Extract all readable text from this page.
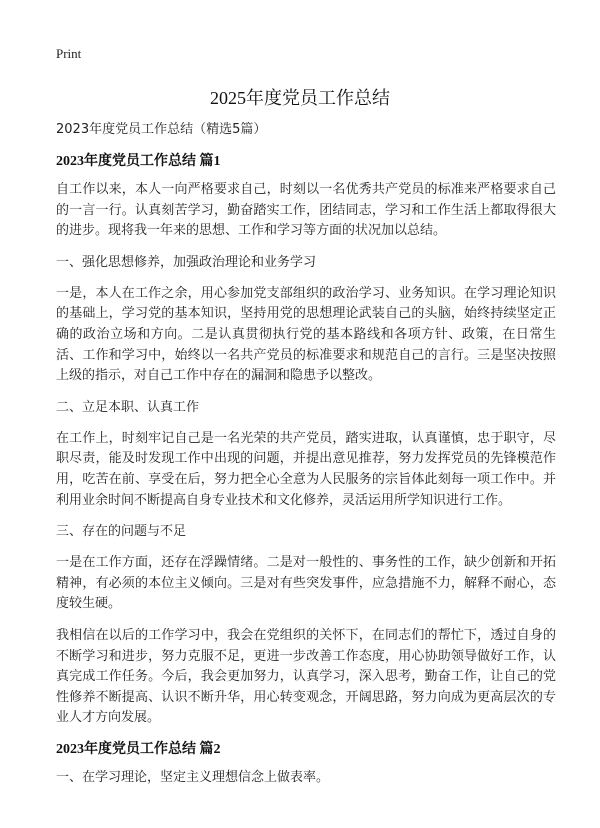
Print
2025年度党员工作总结

2023年度党员工作总结（精选5篇）

2023年度党员工作总结 篇1

自工作以来，本人一向严格要求自己，时刻以一名优秀共产党员的标准来严格要求自己的一言一行。认真刻苦学习，勤奋踏实工作，团结同志，学习和工作生活上都取得很大的进步。现将我一年来的思想、工作和学习等方面的状况加以总结。

一、强化思想修养，加强政治理论和业务学习

一是，本人在工作之余，用心参加党支部组织的政治学习、业务知识。在学习理论知识的基础上，学习党的基本知识，坚持用党的思想理论武装自己的头脑，始终持续坚定正确的政治立场和方向。二是认真贯彻执行党的基本路线和各项方针、政策，在日常生活、工作和学习中，始终以一名共产党员的标准要求和规范自己的言行。三是坚决按照上级的指示，对自己工作中存在的漏洞和隐患予以整改。

二、立足本职、认真工作

在工作上，时刻牢记自己是一名光荣的共产党员，踏实进取，认真谨慎，忠于职守，尽职尽责，能及时发现工作中出现的问题，并提出意见推荐，努力发挥党员的先锋模范作用，吃苦在前、享受在后，努力把全心全意为人民服务的宗旨体此刻每一项工作中。并利用业余时间不断提高自身专业技术和文化修养，灵活运用所学知识进行工作。

三、存在的问题与不足

一是在工作方面，还存在浮躁情绪。二是对一般性的、事务性的工作，缺少创新和开拓精神，有必须的本位主义倾向。三是对有些突发事件，应急措施不力，解释不耐心，态度较生硬。

我相信在以后的工作学习中，我会在党组织的关怀下，在同志们的帮忙下，透过自身的不断学习和进步，努力克服不足，更进一步改善工作态度，用心协助领导做好工作，认真完成工作任务。今后，我会更加努力，认真学习，深入思考，勤奋工作，让自己的党性修养不断提高、认识不断升华，用心转变观念，开阔思路，努力向成为更高层次的专业人才方向发展。

2023年度党员工作总结 篇2

一、在学习理论，坚定主义理想信念上做表率。
